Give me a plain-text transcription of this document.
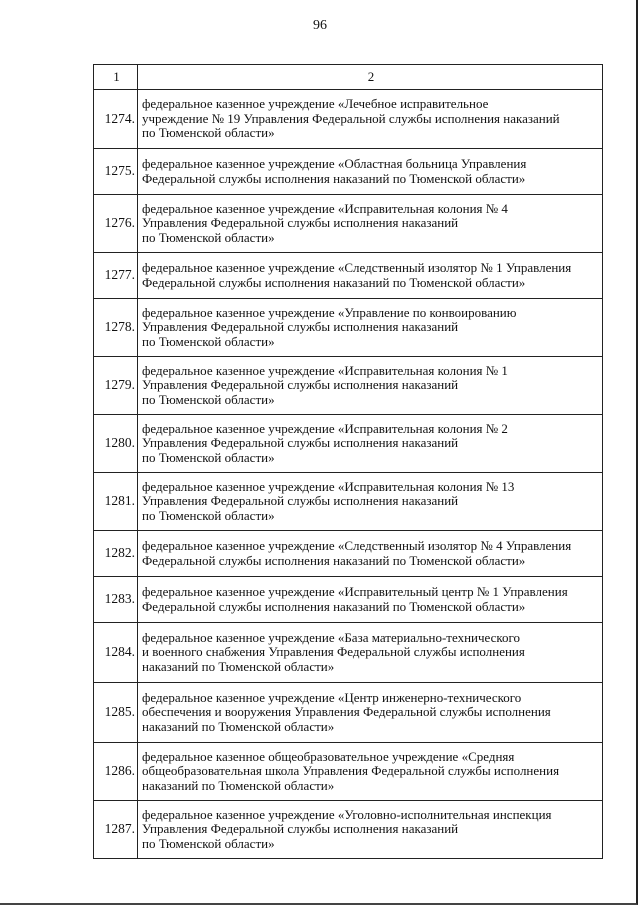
96
1	2
1274.	федеральное казенное учреждение «Лечебное исправительное
учреждение № 19 Управления Федеральной службы исполнения наказаний
по Тюменской области»

1275.	федеральное казенное учреждение «Областная больница Управления
Федеральной службы исполнения наказаний по Тюменской области»

1276.	федеральное казенное учреждение «Исправительная колония № 4
Управления Федеральной службы исполнения наказаний
по Тюменской области»

1277.	федеральное казенное учреждение «Следственный изолятор № 1 Управления
Федеральной службы исполнения наказаний по Тюменской области»

1278.	федеральное казенное учреждение «Управление по конвоированию
Управления Федеральной службы исполнения наказаний
по Тюменской области»

1279.	федеральное казенное учреждение «Исправительная колония № 1
Управления Федеральной службы исполнения наказаний
по Тюменской области»

1280.	федеральное казенное учреждение «Исправительная колония № 2
Управления Федеральной службы исполнения наказаний
по Тюменской области»

1281.	федеральное казенное учреждение «Исправительная колония № 13
Управления Федеральной службы исполнения наказаний
по Тюменской области»

1282.	федеральное казенное учреждение «Следственный изолятор № 4 Управления
Федеральной службы исполнения наказаний по Тюменской области»

1283.	федеральное казенное учреждение «Исправительный центр № 1 Управления
Федеральной службы исполнения наказаний по Тюменской области»

1284.	федеральное казенное учреждение «База материально-технического
и военного снабжения Управления Федеральной службы исполнения
наказаний по Тюменской области»

1285.	федеральное казенное учреждение «Центр инженерно-технического
обеспечения и вооружения Управления Федеральной службы исполнения
наказаний по Тюменской области»

1286.	федеральное казенное общеобразовательное учреждение «Средняя
общеобразовательная школа Управления Федеральной службы исполнения
наказаний по Тюменской области»

1287.	федеральное казенное учреждение «Уголовно-исполнительная инспекция
Управления Федеральной службы исполнения наказаний
по Тюменской области»
